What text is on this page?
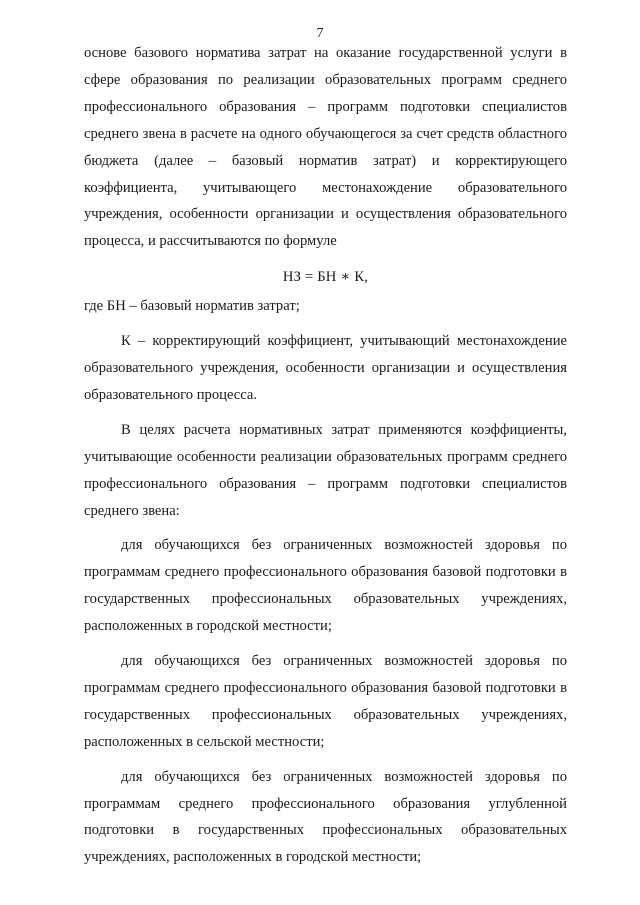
7

основе базового норматива затрат на оказание государственной услуги в сфере образования по реализации образовательных программ среднего профессионального образования – программ подготовки специалистов среднего звена в расчете на одного обучающегося за счет средств областного бюджета (далее – базовый норматив затрат) и корректирующего коэффициента, учитывающего местонахождение образовательного учреждения, особенности организации и осуществления образовательного процесса, и рассчитываются по формуле

НЗ = БН ∗ К,

где БН – базовый норматив затрат;

К – корректирующий коэффициент, учитывающий местонахождение образовательного учреждения, особенности организации и осуществления образовательного процесса.

В целях расчета нормативных затрат применяются коэффициенты, учитывающие особенности реализации образовательных программ среднего профессионального образования – программ подготовки специалистов среднего звена:

для обучающихся без ограниченных возможностей здоровья по программам среднего профессионального образования базовой подготовки в государственных профессиональных образовательных учреждениях, расположенных в городской местности;

для обучающихся без ограниченных возможностей здоровья по программам среднего профессионального образования базовой подготовки в государственных профессиональных образовательных учреждениях, расположенных в сельской местности;

для обучающихся без ограниченных возможностей здоровья по программам среднего профессионального образования углубленной подготовки в государственных профессиональных образовательных учреждениях, расположенных в городской местности;
